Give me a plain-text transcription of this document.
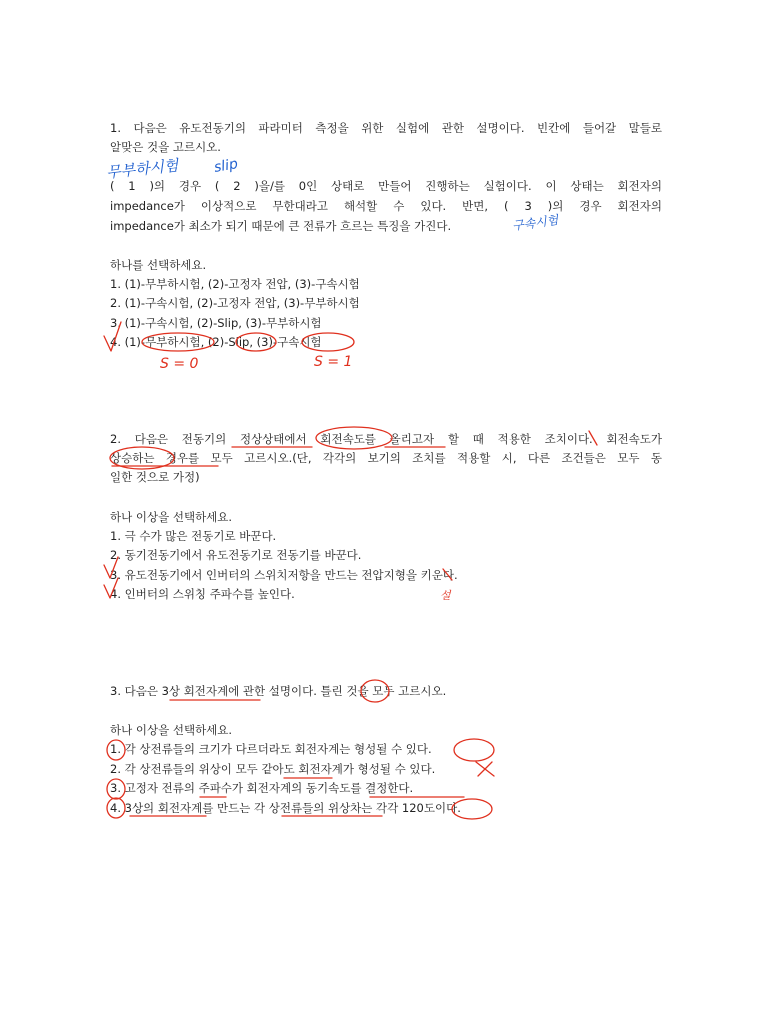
1. 다음은 유도전동기의 파라미터 측정을 위한 실험에 관한 설명이다. 빈칸에 들어갈 말들로
알맞은 것을 고르시오.
( 1 )의 경우 ( 2 )을/를 0인 상태로 만들어 진행하는 실험이다. 이 상태는 회전자의
impedance가 이상적으로 무한대라고 해석할 수 있다. 반면, ( 3 )의 경우 회전자의
impedance가 최소가 되기 때문에 큰 전류가 흐르는 특징을 가진다.
하나를 선택하세요.
1. (1)-무부하시험, (2)-고정자 전압, (3)-구속시험
2. (1)-구속시험, (2)-고정자 전압, (3)-무부하시험
3. (1)-구속시험, (2)-Slip, (3)-무부하시험
4. (1)-무부하시험, (2)-Slip, (3)-구속시험
2. 다음은 전동기의 정상상태에서 회전속도를 올리고자 할 때 적용한 조치이다. 회전속도가
상승하는 경우를 모두 고르시오.(단, 각각의 보기의 조치를 적용할 시, 다른 조건들은 모두 동
일한 것으로 가정)
하나 이상을 선택하세요.
1. 극 수가 많은 전동기로 바꾼다.
2. 동기전동기에서 유도전동기로 전동기를 바꾼다.
3. 유도전동기에서 인버터의 스위치저항을 만드는 전압지형을 키운다.
4. 인버터의 스위칭 주파수를 높인다.
3. 다음은 3상 회전자계에 관한 설명이다. 틀린 것을 모두 고르시오.
하나 이상을 선택하세요.
1. 각 상전류들의 크기가 다르더라도 회전자계는 형성될 수 있다.
2. 각 상전류들의 위상이 모두 같아도 회전자계가 형성될 수 있다.
3. 고정자 전류의 주파수가 회전자계의 동기속도를 결정한다.
4. 3상의 회전자계를 만드는 각 상전류들의 위상차는 각각 120도이다.
무부하시험 slip
구속시험
S = 0	S = 1
설
